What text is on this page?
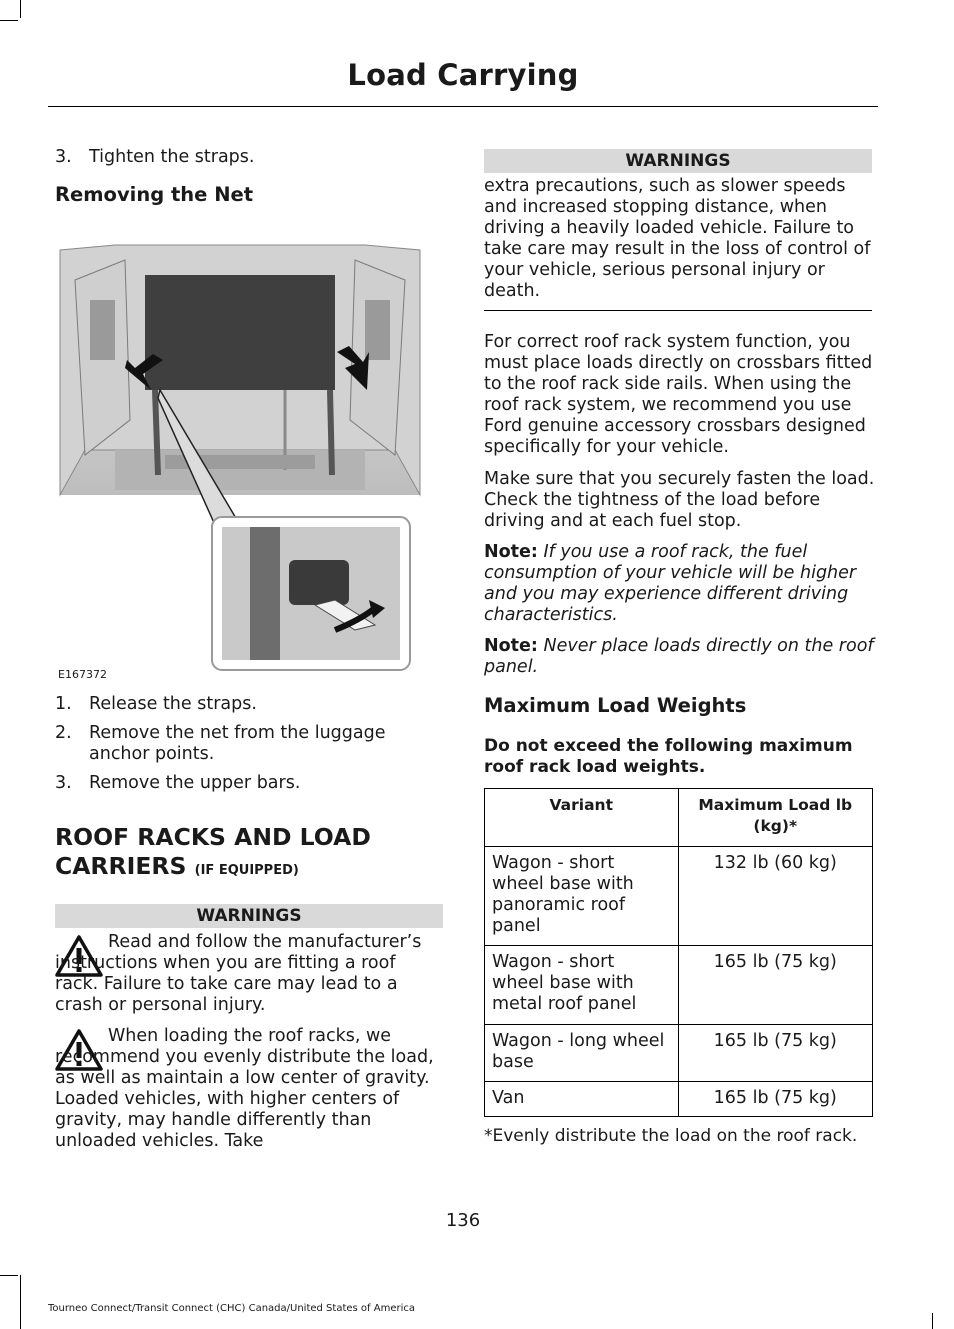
Load Carrying
3. Tighten the straps.
Removing the Net
E167372
1. Release the straps.
2. Remove the net from the luggage anchor points.
3. Remove the upper bars.
ROOF RACKS AND LOAD CARRIERS (IF EQUIPPED)
WARNINGS

Read and follow the manufacturer’s instructions when you are fitting a roof rack. Failure to take care may lead to a crash or personal injury.

When loading the roof racks, we recommend you evenly distribute the load, as well as maintain a low center of gravity. Loaded vehicles, with higher centers of gravity, may handle differently than unloaded vehicles. Take

WARNINGS

extra precautions, such as slower speeds and increased stopping distance, when driving a heavily loaded vehicle. Failure to take care may result in the loss of control of your vehicle, serious personal injury or death.

For correct roof rack system function, you must place loads directly on crossbars fitted to the roof rack side rails. When using the roof rack system, we recommend you use Ford genuine accessory crossbars designed specifically for your vehicle.

Make sure that you securely fasten the load. Check the tightness of the load before driving and at each fuel stop.

Note: If you use a roof rack, the fuel consumption of your vehicle will be higher and you may experience different driving characteristics.

Note: Never place loads directly on the roof panel.

Maximum Load Weights

Do not exceed the following maximum roof rack load weights.

Variant	Maximum Load lb (kg)*
Wagon - short wheel base with panoramic roof panel	132 lb (60 kg)
Wagon - short wheel base with metal roof panel	165 lb (75 kg)
Wagon - long wheel base	165 lb (75 kg)
Van	165 lb (75 kg)

*Evenly distribute the load on the roof rack.

136
Tourneo Connect/Transit Connect (CHC) Canada/United States of America
